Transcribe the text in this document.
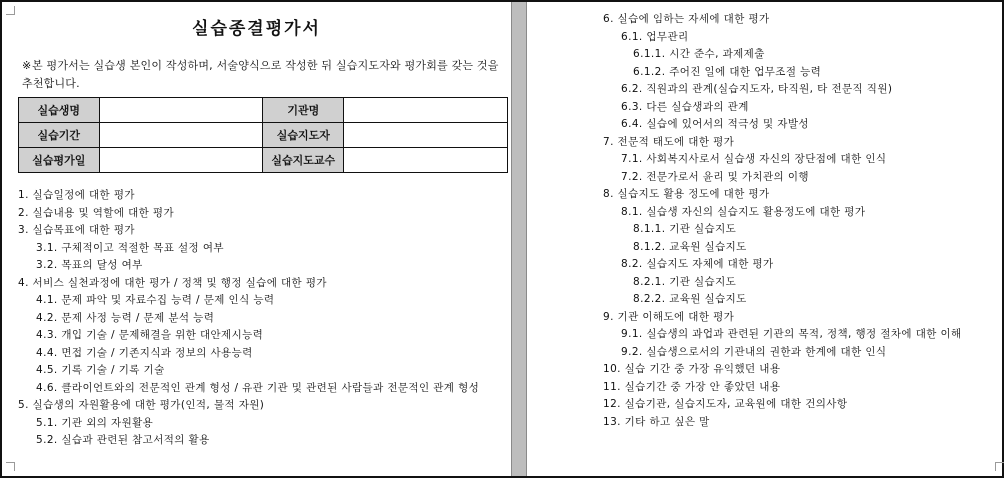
실습종결평가서
※본 평가서는 실습생 본인이 작성하며, 서술양식으로 작성한 뒤 실습지도자와 평가회를 갖는 것을 추천합니다.
실습생명		기관명	
실습기간		실습지도자	
실습평가일		실습지도교수	
1. 실습일정에 대한 평가
2. 실습내용 및 역할에 대한 평가
3. 실습목표에 대한 평가
3.1. 구체적이고 적절한 목표 설정 여부
3.2. 목표의 달성 여부
4. 서비스 실천과정에 대한 평가 / 정책 및 행정 실습에 대한 평가
4.1. 문제 파악 및 자료수집 능력 / 문제 인식 능력
4.2. 문제 사정 능력 / 문제 분석 능력
4.3. 개입 기술 / 문제해결을 위한 대안제시능력
4.4. 면접 기술 / 기존지식과 정보의 사용능력
4.5. 기록 기술 / 기록 기술
4.6. 클라이언트와의 전문적인 관계 형성 / 유관 기관 및 관련된 사람들과 전문적인 관계 형성
5. 실습생의 자원활용에 대한 평가(인적, 물적 자원)
5.1. 기관 외의 자원활용
5.2. 실습과 관련된 참고서적의 활용
6. 실습에 임하는 자세에 대한 평가
6.1. 업무관리
6.1.1. 시간 준수, 과제제출
6.1.2. 주어진 일에 대한 업무조절 능력
6.2. 직원과의 관계(실습지도자, 타직원, 타 전문직 직원)
6.3. 다른 실습생과의 관계
6.4. 실습에 있어서의 적극성 및 자발성
7. 전문적 태도에 대한 평가
7.1. 사회복지사로서 실습생 자신의 장단점에 대한 인식
7.2. 전문가로서 윤리 및 가치관의 이행
8. 실습지도 활용 정도에 대한 평가
8.1. 실습생 자신의 실습지도 활용정도에 대한 평가
8.1.1. 기관 실습지도
8.1.2. 교육원 실습지도
8.2. 실습지도 자체에 대한 평가
8.2.1. 기관 실습지도
8.2.2. 교육원 실습지도
9. 기관 이해도에 대한 평가
9.1. 실습생의 과업과 관련된 기관의 목적, 정책, 행정 절차에 대한 이해
9.2. 실습생으로서의 기관내의 권한과 한계에 대한 인식
10. 실습 기간 중 가장 유익했던 내용
11. 실습기간 중 가장 안 좋았던 내용
12. 실습기관, 실습지도자, 교육원에 대한 건의사항
13. 기타 하고 싶은 말
